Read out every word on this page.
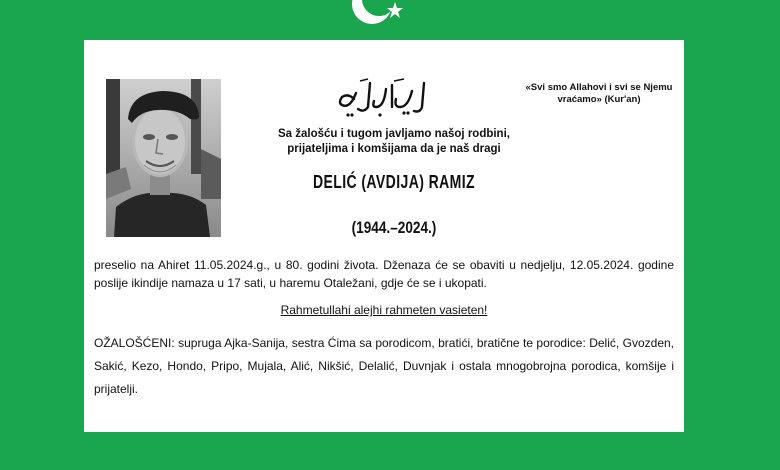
اِرْتَحَلَ دَارِبَقَا
«Svi smo Allahovi i svi se Njemu vraćamo» (Kur'an)
Sa žalošću i tugom javljamo našoj rodbini,
prijateljima i komšijama da je naš dragi
DELIĆ (AVDIJA) RAMIZ
(1944.–2024.)
preselio na Ahiret 11.05.2024.g., u 80. godini života. Dženaza će se obaviti u nedjelju, 12.05.2024. godine poslije ikindije namaza u 17 sati, u haremu Otaležani, gdje će se i ukopati.
Rahmetullahi alejhi rahmeten vasieten!
OŽALOŠĆENI: supruga Ajka-Sanija, sestra Ćima sa porodicom, bratići, bratične te porodice: Delić, Gvozden, Sakić, Kezo, Hondo, Pripo, Mujala, Alić, Nikšić, Delalić, Duvnjak i ostala mnogobrojna porodica, komšije i prijatelji.
